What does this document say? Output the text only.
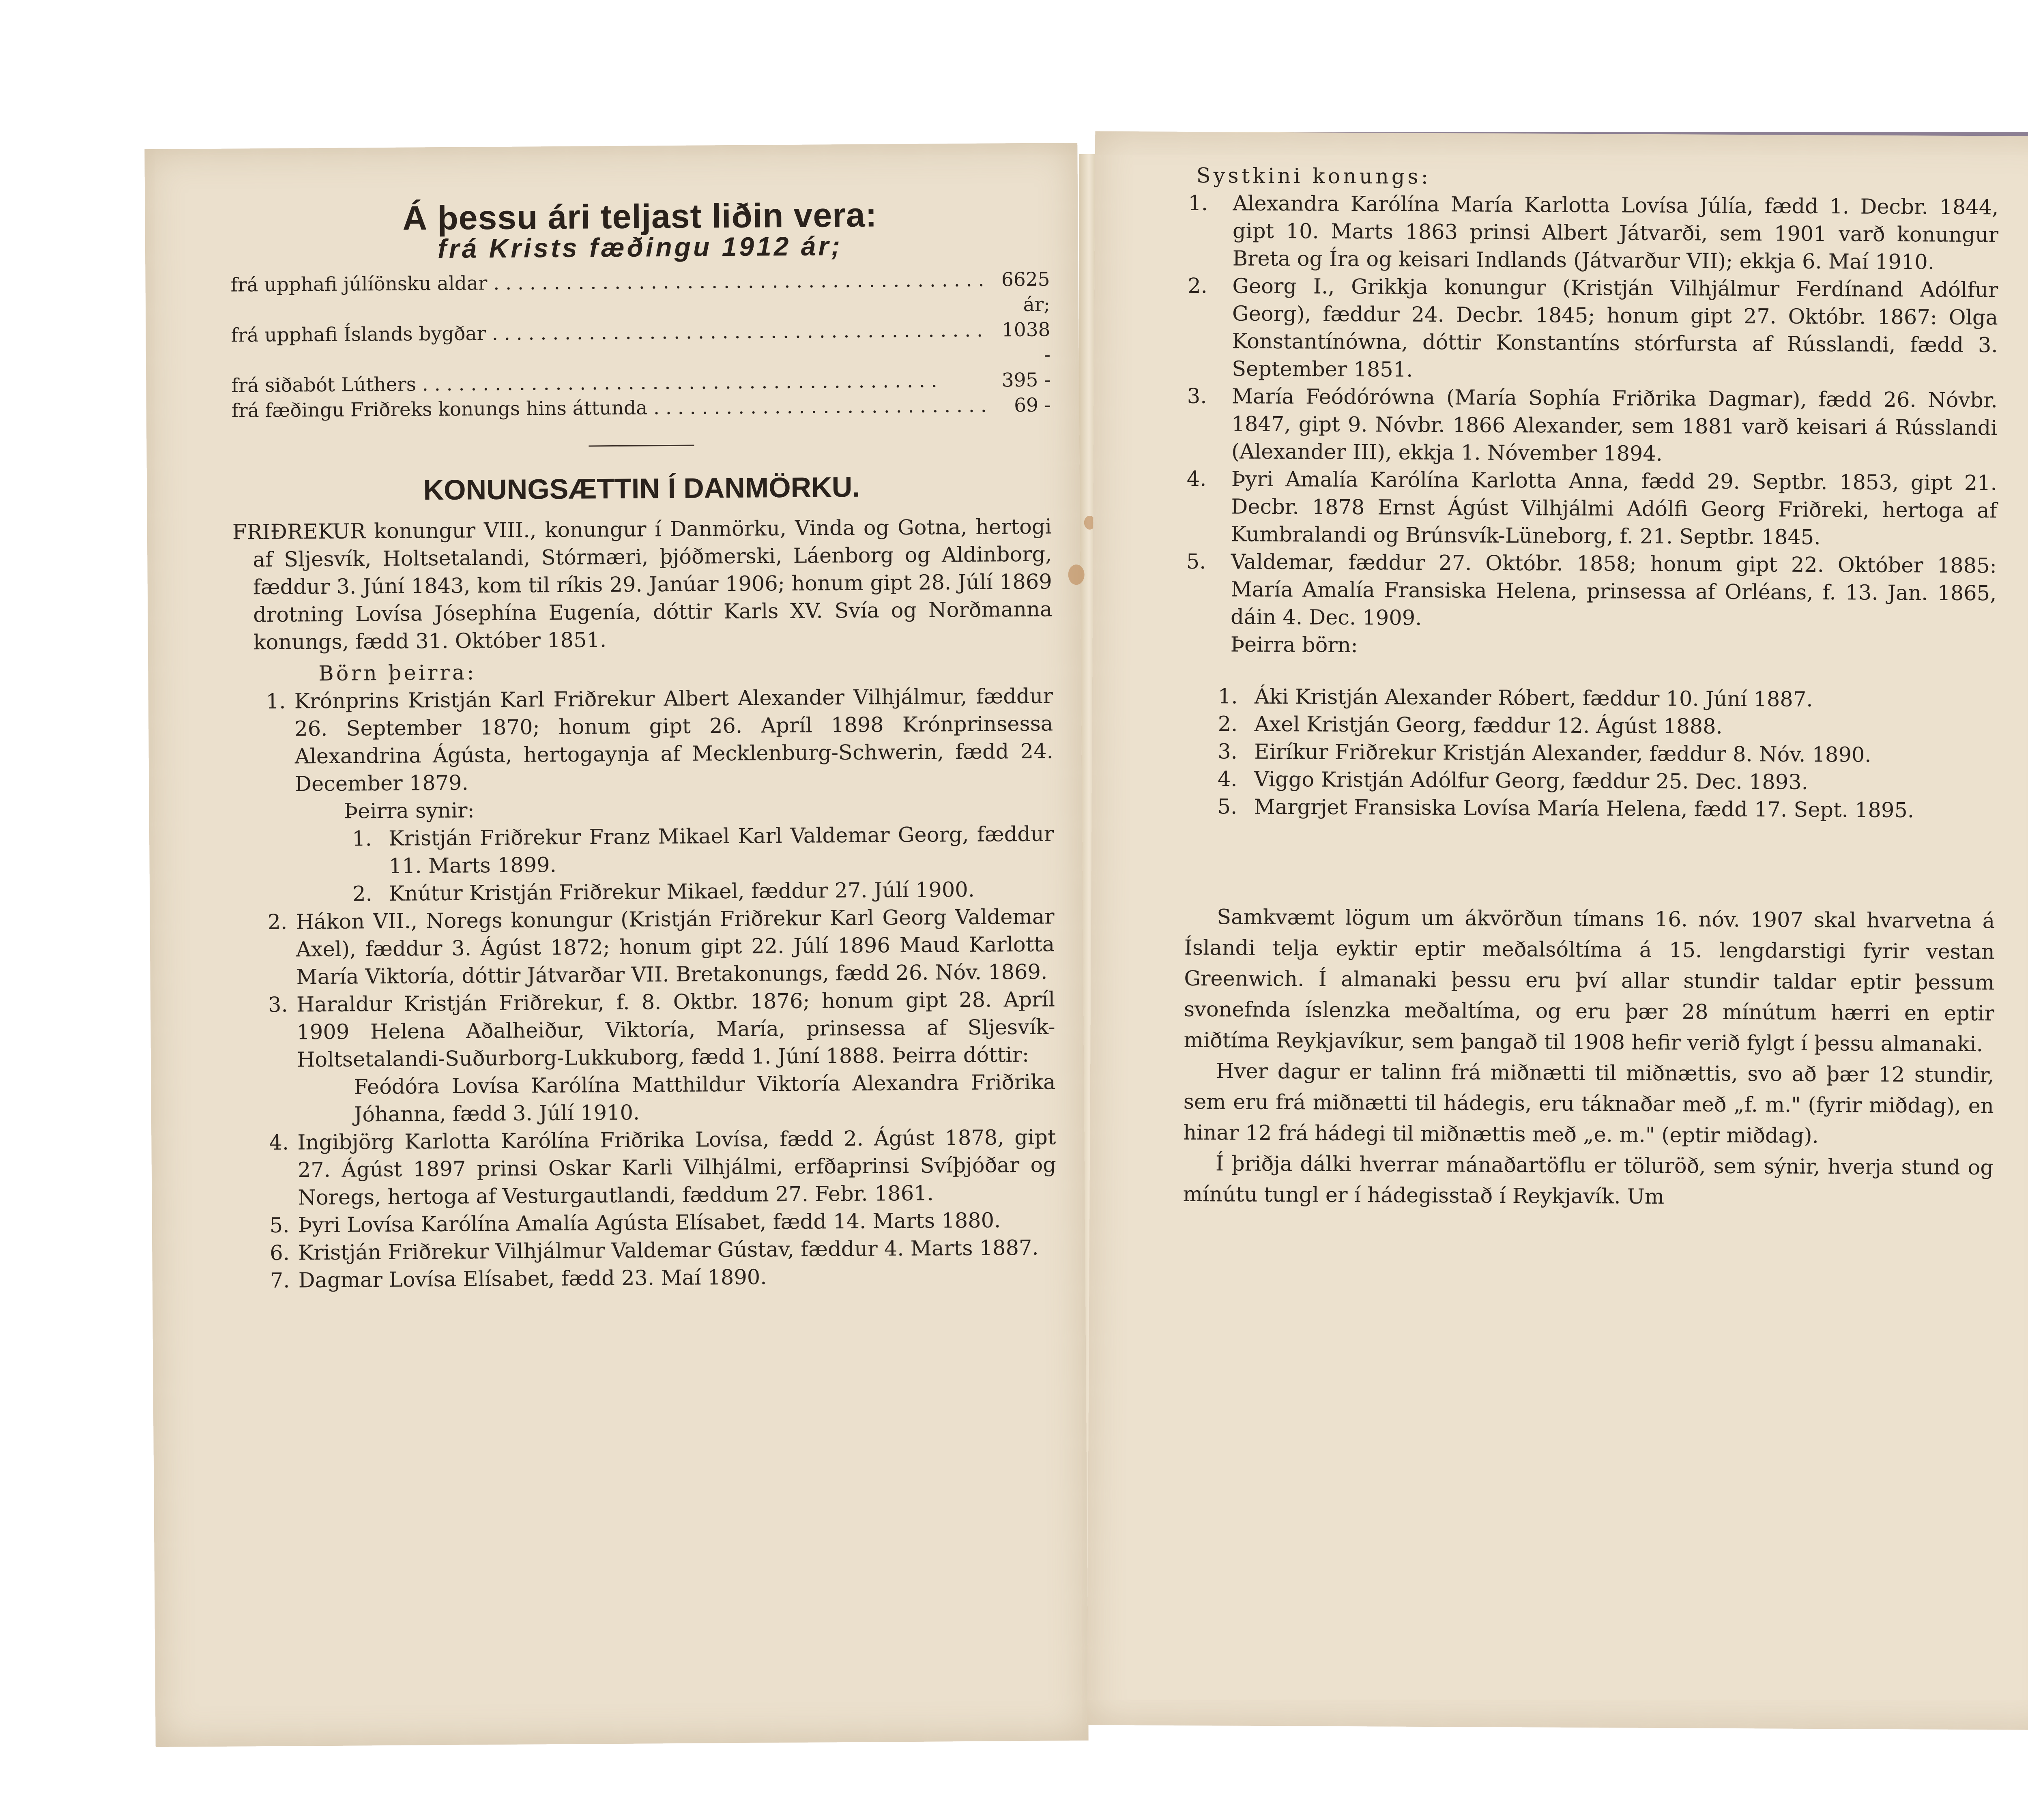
Á þessu ári teljast liðin vera:
frá Krists fæðingu 1912 ár;
frá upphafi júlíönsku aldar . . .	6625 ár;
frá upphafi Íslands bygðar . . .	1038 -
frá siðabót Lúthers . . .	395 -
frá fæðingu Friðreks konungs hins áttunda . . .	69 -
KONUNGSÆTTIN Í DANMÖRKU.

FRIÐREKUR konungur VIII., konungur í Danmörku, Vinda og Gotna, hertogi af Sljesvík, Holtsetalandi, Stórmæri, þjóðmerski, Láenborg og Aldinborg, fæddur 3. Júní 1843, kom til ríkis 29. Janúar 1906; honum gipt 28. Júlí 1869 drotning Lovísa Jósephína Eugenía, dóttir Karls XV. Svía og Norðmanna konungs, fædd 31. Október 1851.

Börn þeirra:

1. Krónprins Kristján Karl Friðrekur Albert Alexander Vilhjálmur, fæddur 26. September 1870; honum gipt 26. Apríl 1898 Krónprinsessa Alexandrina Ágústa, hertogaynja af Mecklenburg-Schwerin, fædd 24. December 1879.

Þeirra synir:

1. Kristján Friðrekur Franz Mikael Karl Valdemar Georg, fæddur 11. Marts 1899.
2. Knútur Kristján Friðrekur Mikael, fæddur 27. Júlí 1900.
2. Hákon VII., Noregs konungur (Kristján Friðrekur Karl Georg Valdemar Axel), fæddur 3. Ágúst 1872; honum gipt 22. Júlí 1896 Maud Karlotta María Viktoría, dóttir Játvarðar VII. Bretakonungs, fædd 26. Nóv. 1869.
3. Haraldur Kristján Friðrekur, f. 8. Oktbr. 1876; honum gipt 28. Apríl 1909 Helena Aðalheiður, Viktoría, María, prinsessa af Sljesvík-Holtsetalandi-Suðurborg-Lukkuborg, fædd 1. Júní 1888. Þeirra dóttir:

Feódóra Lovísa Karólína Matthildur Viktoría Alexandra Friðrika Jóhanna, fædd 3. Júlí 1910.

4. Ingibjörg Karlotta Karólína Friðrika Lovísa, fædd 2. Ágúst 1878, gipt 27. Ágúst 1897 prinsi Oskar Karli Vilhjálmi, erfðaprinsi Svíþjóðar og Noregs, hertoga af Vesturgautlandi, fæddum 27. Febr. 1861.
5. Þyri Lovísa Karólína Amalía Agústa Elísabet, fædd 14. Marts 1880.
6. Kristján Friðrekur Vilhjálmur Valdemar Gústav, fæddur 4. Marts 1887.
7. Dagmar Lovísa Elísabet, fædd 23. Maí 1890.

Systkini konungs:

1.	Alexandra Karólína María Karlotta Lovísa Júlía, fædd 1. Decbr. 1844, gipt 10. Marts 1863 prinsi Albert Játvarði, sem 1901 varð konungur Breta og Íra og keisari Indlands (Játvarður VII); ekkja 6. Maí 1910.
2.	Georg I., Grikkja konungur (Kristján Vilhjálmur Ferdínand Adólfur Georg), fæddur 24. Decbr. 1845; honum gipt 27. Októbr. 1867: Olga Konstantínówna, dóttir Konstantíns stórfursta af Rússlandi, fædd 3. September 1851.
3.	María Feódórówna (María Sophía Friðrika Dagmar), fædd 26. Nóvbr. 1847, gipt 9. Nóvbr. 1866 Alexander, sem 1881 varð keisari á Rússlandi (Alexander III), ekkja 1. Nóvember 1894.
4.	Þyri Amalía Karólína Karlotta Anna, fædd 29. Septbr. 1853, gipt 21. Decbr. 1878 Ernst Ágúst Vilhjálmi Adólfi Georg Friðreki, hertoga af Kumbralandi og Brúnsvík-Lüneborg, f. 21. Septbr. 1845.
5.	Valdemar, fæddur 27. Októbr. 1858; honum gipt 22. Október 1885: María Amalía Fransiska Helena, prinsessa af Orléans, f. 13. Jan. 1865, dáin 4. Dec. 1909.

Þeirra börn:

1. Áki Kristján Alexander Róbert, fæddur 10. Júní 1887.
2. Axel Kristján Georg, fæddur 12. Ágúst 1888.
3. Eiríkur Friðrekur Kristján Alexander, fæddur 8. Nóv. 1890.
4. Viggo Kristján Adólfur Georg, fæddur 25. Dec. 1893.
5. Margrjet Fransiska Lovísa María Helena, fædd 17. Sept. 1895.

Samkvæmt lögum um ákvörðun tímans 16. nóv. 1907 skal hvarvetna á Íslandi telja eyktir eptir meðalsóltíma á 15. lengdarstigi fyrir vestan Greenwich. Í almanaki þessu eru því allar stundir taldar eptir þessum svonefnda íslenzka meðaltíma, og eru þær 28 mínútum hærri en eptir miðtíma Reykjavíkur, sem þangað til 1908 hefir verið fylgt í þessu almanaki.

Hver dagur er talinn frá miðnætti til miðnættis, svo að þær 12 stundir, sem eru frá miðnætti til hádegis, eru táknaðar með „f. m." (fyrir miðdag), en hinar 12 frá hádegi til miðnættis með „e. m." (eptir miðdag).

Í þriðja dálki hverrar mánaðartöflu er töluröð, sem sýnir, hverja stund og mínútu tungl er í hádegisstað í Reykjavík. Um
